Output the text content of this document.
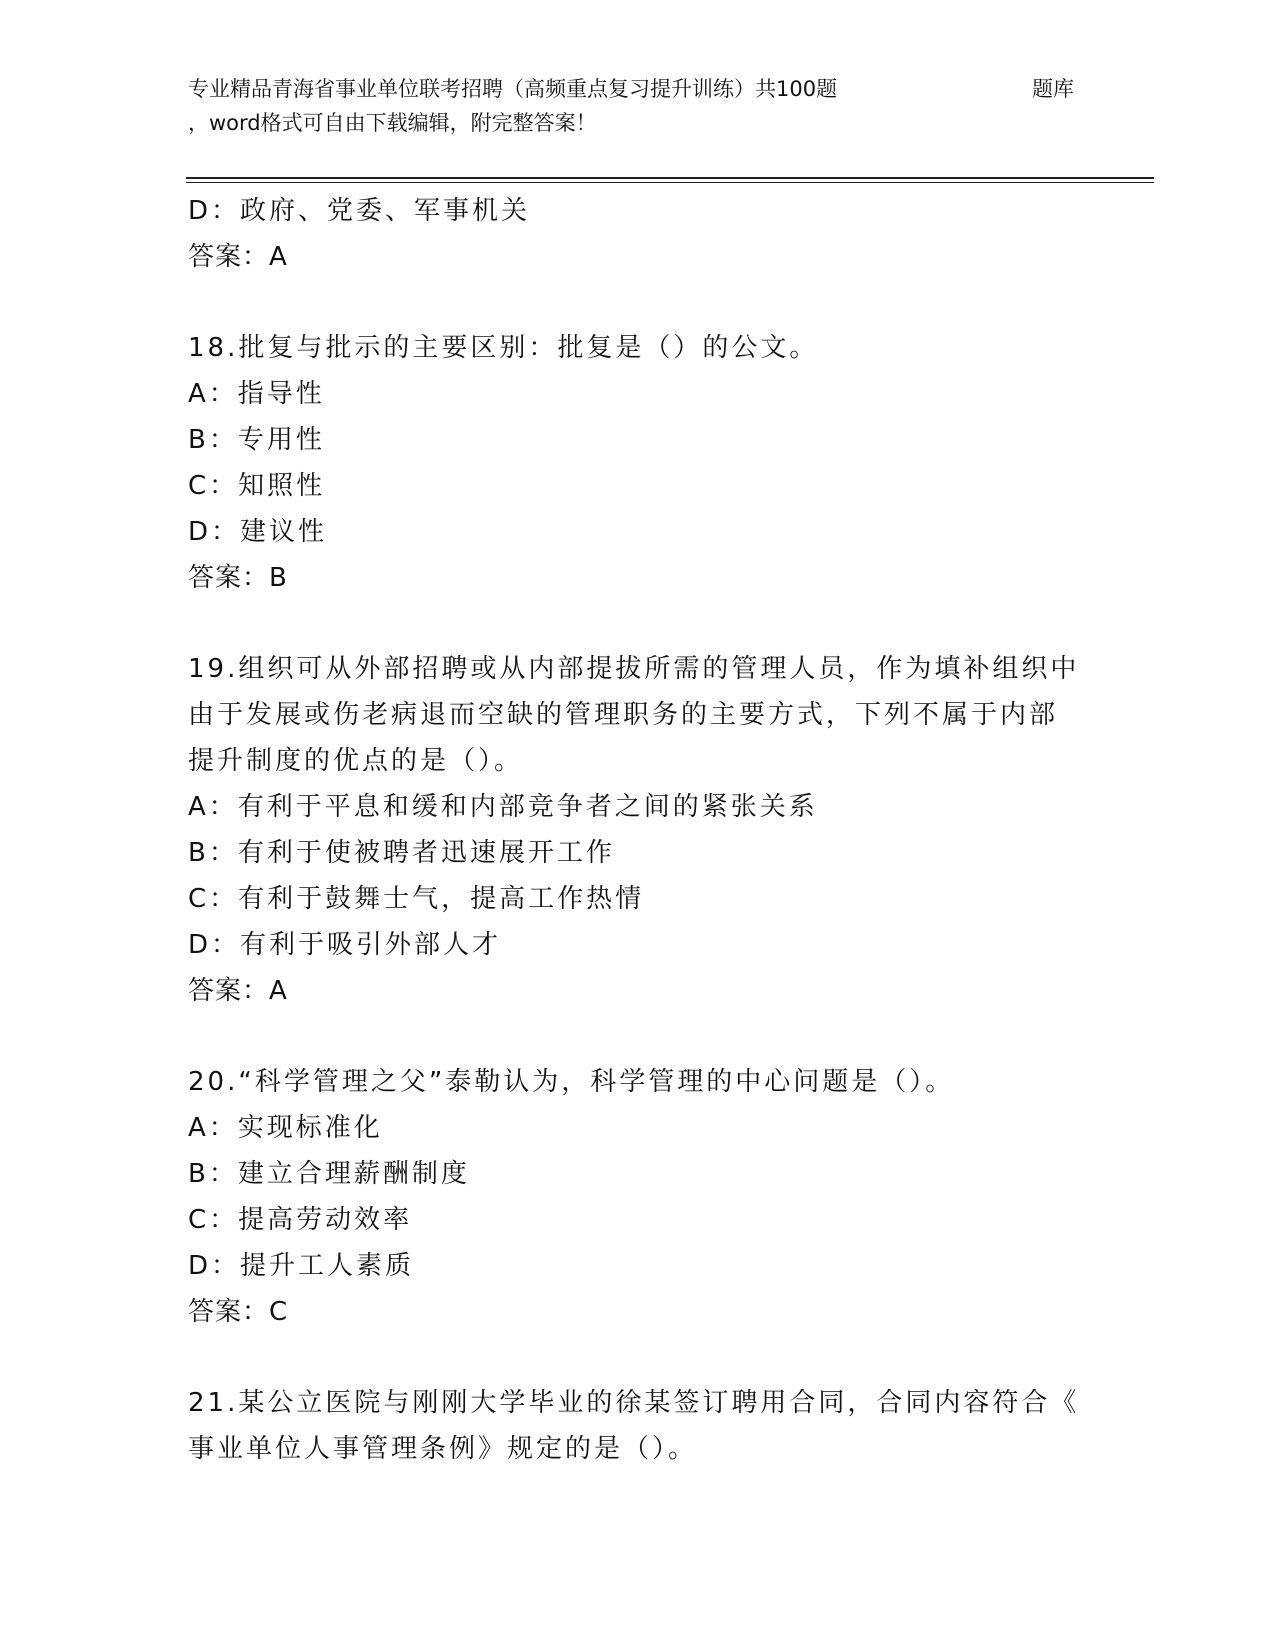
专业精品青海省事业单位联考招聘（高频重点复习提升训练）共100题	题库
，word格式可自由下载编辑，附完整答案！
D：政府、党委、军事机关
答案：A
18.批复与批示的主要区别：批复是（）的公文。
A：指导性
B：专用性
C：知照性
D：建议性
答案：B
19.组织可从外部招聘或从内部提拔所需的管理人员，作为填补组织中
由于发展或伤老病退而空缺的管理职务的主要方式，下列不属于内部
提升制度的优点的是（）。
A：有利于平息和缓和内部竞争者之间的紧张关系
B：有利于使被聘者迅速展开工作
C：有利于鼓舞士气，提高工作热情
D：有利于吸引外部人才
答案：A
20.“科学管理之父”泰勒认为，科学管理的中心问题是（）。
A：实现标准化
B：建立合理薪酬制度
C：提高劳动效率
D：提升工人素质
答案：C
21.某公立医院与刚刚大学毕业的徐某签订聘用合同，合同内容符合《
事业单位人事管理条例》规定的是（）。
